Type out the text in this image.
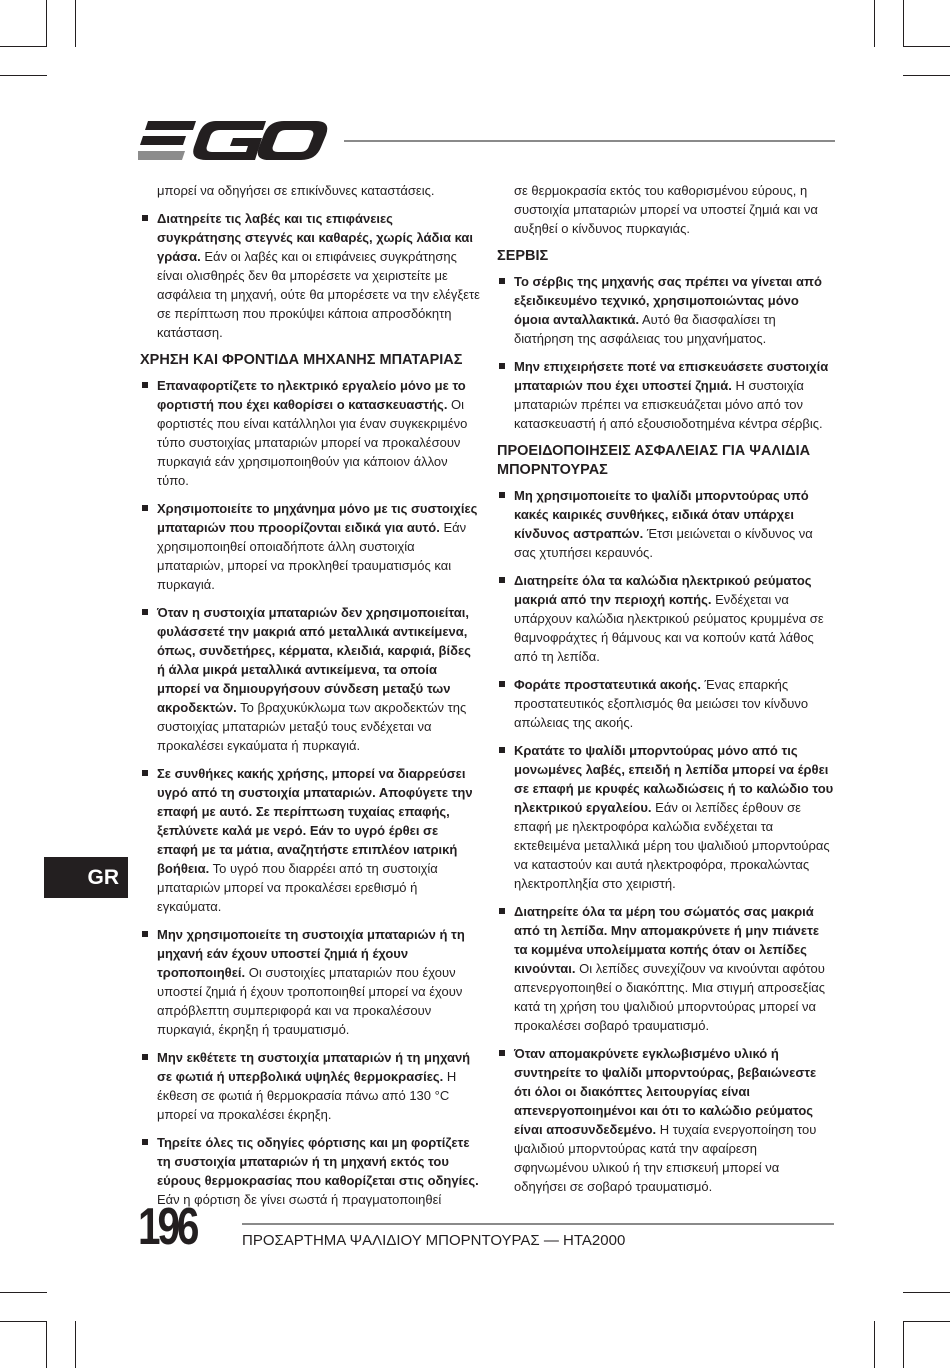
μπορεί να οδηγήσει σε επικίνδυνες καταστάσεις.

Διατηρείτε τις λαβές και τις επιφάνειες συγκράτησης στεγνές και καθαρές, χωρίς λάδια και γράσα. Εάν οι λαβές και οι επιφάνειες συγκράτησης είναι ολισθηρές δεν θα μπορέσετε να χειριστείτε με ασφάλεια τη μηχανή, ούτε θα μπορέσετε να την ελέγξετε σε περίπτωση που προκύψει κάποια απροσδόκητη κατάσταση.
ΧΡΗΣΗ ΚΑΙ ΦΡΟΝΤΙΔΑ ΜΗΧΑΝΗΣ ΜΠΑΤΑΡΙΑΣ
Επαναφορτίζετε το ηλεκτρικό εργαλείο μόνο με το φορτιστή που έχει καθορίσει ο κατασκευαστής. Οι φορτιστές που είναι κατάλληλοι για έναν συγκεκριμένο τύπο συστοιχίας μπαταριών μπορεί να προκαλέσουν πυρκαγιά εάν χρησιμοποιηθούν για κάποιον άλλον τύπο.
Χρησιμοποιείτε το μηχάνημα μόνο με τις συστοιχίες μπαταριών που προορίζονται ειδικά για αυτό. Εάν χρησιμοποιηθεί οποιαδήποτε άλλη συστοιχία μπαταριών, μπορεί να προκληθεί τραυματισμός και πυρκαγιά.
Όταν η συστοιχία μπαταριών δεν χρησιμοποιείται, φυλάσσετέ την μακριά από μεταλλικά αντικείμενα, όπως, συνδετήρες, κέρματα, κλειδιά, καρφιά, βίδες ή άλλα μικρά μεταλλικά αντικείμενα, τα οποία μπορεί να δημιουργήσουν σύνδεση μεταξύ των ακροδεκτών. Το βραχυκύκλωμα των ακροδεκτών της συστοιχίας μπαταριών μεταξύ τους ενδέχεται να προκαλέσει εγκαύματα ή πυρκαγιά.
Σε συνθήκες κακής χρήσης, μπορεί να διαρρεύσει υγρό από τη συστοιχία μπαταριών. Αποφύγετε την επαφή με αυτό. Σε περίπτωση τυχαίας επαφής, ξεπλύνετε καλά με νερό. Εάν το υγρό έρθει σε επαφή με τα μάτια, αναζητήστε επιπλέον ιατρική βοήθεια. Το υγρό που διαρρέει από τη συστοιχία μπαταριών μπορεί να προκαλέσει ερεθισμό ή εγκαύματα.
Μην χρησιμοποιείτε τη συστοιχία μπαταριών ή τη μηχανή εάν έχουν υποστεί ζημιά ή έχουν τροποποιηθεί. Οι συστοιχίες μπαταριών που έχουν υποστεί ζημιά ή έχουν τροποποιηθεί μπορεί να έχουν απρόβλεπτη συμπεριφορά και να προκαλέσουν πυρκαγιά, έκρηξη ή τραυματισμό.
Μην εκθέτετε τη συστοιχία μπαταριών ή τη μηχανή σε φωτιά ή υπερβολικά υψηλές θερμοκρασίες. Η έκθεση σε φωτιά ή θερμοκρασία πάνω από 130 °C μπορεί να προκαλέσει έκρηξη.
Τηρείτε όλες τις οδηγίες φόρτισης και μη φορτίζετε τη συστοιχία μπαταριών ή τη μηχανή εκτός του εύρους θερμοκρασίας που καθορίζεται στις οδηγίες. Εάν η φόρτιση δε γίνει σωστά ή πραγματοποιηθεί

σε θερμοκρασία εκτός του καθορισμένου εύρους, η συστοιχία μπαταριών μπορεί να υποστεί ζημιά και να αυξηθεί ο κίνδυνος πυρκαγιάς.

ΣΕΡΒΙΣ
Το σέρβις της μηχανής σας πρέπει να γίνεται από εξειδικευμένο τεχνικό, χρησιμοποιώντας μόνο όμοια ανταλλακτικά. Αυτό θα διασφαλίσει τη διατήρηση της ασφάλειας του μηχανήματος.
Μην επιχειρήσετε ποτέ να επισκευάσετε συστοιχία μπαταριών που έχει υποστεί ζημιά. Η συστοιχία μπαταριών πρέπει να επισκευάζεται μόνο από τον κατασκευαστή ή από εξουσιοδοτημένα κέντρα σέρβις.
ΠΡΟΕΙΔΟΠΟΙΗΣΕΙΣ ΑΣΦΑΛΕΙΑΣ ΓΙΑ ΨΑΛΙΔΙΑ ΜΠΟΡΝΤΟΥΡΑΣ
Μη χρησιμοποιείτε το ψαλίδι μπορντούρας υπό κακές καιρικές συνθήκες, ειδικά όταν υπάρχει κίνδυνος αστραπών. Έτσι μειώνεται ο κίνδυνος να σας χτυπήσει κεραυνός.
Διατηρείτε όλα τα καλώδια ηλεκτρικού ρεύματος μακριά από την περιοχή κοπής. Ενδέχεται να υπάρχουν καλώδια ηλεκτρικού ρεύματος κρυμμένα σε θαμνοφράχτες ή θάμνους και να κοπούν κατά λάθος από τη λεπίδα.
Φοράτε προστατευτικά ακοής. Ένας επαρκής προστατευτικός εξοπλισμός θα μειώσει τον κίνδυνο απώλειας της ακοής.
Κρατάτε το ψαλίδι μπορντούρας μόνο από τις μονωμένες λαβές, επειδή η λεπίδα μπορεί να έρθει σε επαφή με κρυφές καλωδιώσεις ή το καλώδιο του ηλεκτρικού εργαλείου. Εάν οι λεπίδες έρθουν σε επαφή με ηλεκτροφόρα καλώδια ενδέχεται τα εκτεθειμένα μεταλλικά μέρη του ψαλιδιού μπορντούρας να καταστούν και αυτά ηλεκτροφόρα, προκαλώντας ηλεκτροπληξία στο χειριστή.
Διατηρείτε όλα τα μέρη του σώματός σας μακριά από τη λεπίδα. Μην απομακρύνετε ή μην πιάνετε τα κομμένα υπολείμματα κοπής όταν οι λεπίδες κινούνται. Οι λεπίδες συνεχίζουν να κινούνται αφότου απενεργοποιηθεί ο διακόπτης. Μια στιγμή απροσεξίας κατά τη χρήση του ψαλιδιού μπορντούρας μπορεί να προκαλέσει σοβαρό τραυματισμό.
Όταν απομακρύνετε εγκλωβισμένο υλικό ή συντηρείτε το ψαλίδι μπορντούρας, βεβαιώνεστε ότι όλοι οι διακόπτες λειτουργίας είναι απενεργοποιημένοι και ότι το καλώδιο ρεύματος είναι αποσυνδεδεμένο. Η τυχαία ενεργοποίηση του ψαλιδιού μπορντούρας κατά την αφαίρεση σφηνωμένου υλικού ή την επισκευή μπορεί να οδηγήσει σε σοβαρό τραυματισμό.
GR
196	ΠΡΟΣΑΡΤΗΜΑ ΨΑΛΙΔΙΟΥ ΜΠΟΡΝΤΟΥΡΑΣ — HTA2000
